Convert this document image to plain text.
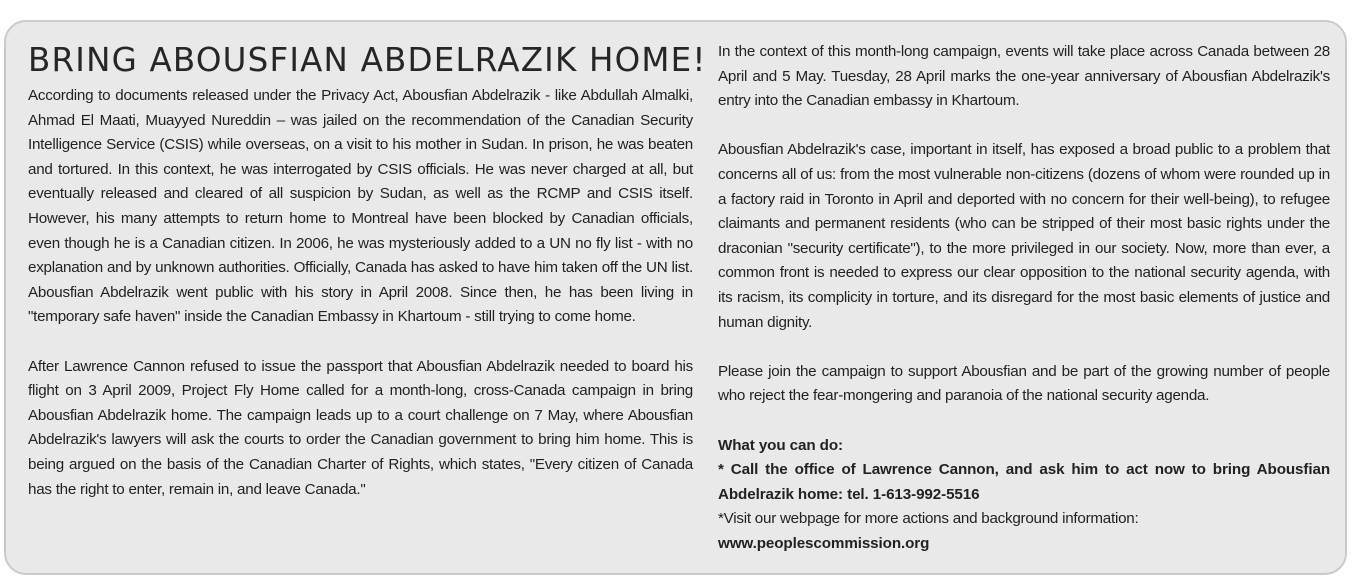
BRING ABOUSFIAN ABDELRAZIK HOME!

According to documents released under the Privacy Act, Abousfian Abdelrazik - like Abdullah Almalki, Ahmad El Maati, Muayyed Nureddin – was jailed on the recommendation of the Canadian Security Intelligence Service (CSIS) while overseas, on a visit to his mother in Sudan. In prison, he was beaten and tortured. In this context, he was interrogated by CSIS officials. He was never charged at all, but eventually released and cleared of all suspicion by Sudan, as well as the RCMP and CSIS itself. However, his many attempts to return home to Montreal have been blocked by Canadian officials, even though he is a Canadian citizen. In 2006, he was mysteriously added to a UN no fly list - with no explanation and by unknown authorities. Officially, Canada has asked to have him taken off the UN list. Abousfian Abdelrazik went public with his story in April 2008. Since then, he has been living in "temporary safe haven" inside the Canadian Embassy in Khartoum - still trying to come home.

After Lawrence Cannon refused to issue the passport that Abousfian Abdelrazik needed to board his flight on 3 April 2009, Project Fly Home called for a month-long, cross-Canada campaign in bring Abousfian Abdelrazik home. The campaign leads up to a court challenge on 7 May, where Abousfian Abdelrazik's lawyers will ask the courts to order the Canadian government to bring him home. This is being argued on the basis of the Canadian Charter of Rights, which states, "Every citizen of Canada has the right to enter, remain in, and leave Canada."

In the context of this month-long campaign, events will take place across Canada between 28 April and 5 May. Tuesday, 28 April marks the one-year anniversary of Abousfian Abdelrazik's entry into the Canadian embassy in Khartoum.

Abousfian Abdelrazik's case, important in itself, has exposed a broad public to a problem that concerns all of us: from the most vulnerable non-citizens (dozens of whom were rounded up in a factory raid in Toronto in April and deported with no concern for their well-being), to refugee claimants and permanent residents (who can be stripped of their most basic rights under the draconian "security certificate"), to the more privileged in our society. Now, more than ever, a common front is needed to express our clear opposition to the national security agenda, with its racism, its complicity in torture, and its disregard for the most basic elements of justice and human dignity.

Please join the campaign to support Abousfian and be part of the growing number of people who reject the fear-mongering and paranoia of the national security agenda.

What you can do:

* Call the office of Lawrence Cannon, and ask him to act now to bring Abousfian Abdelrazik home: tel. 1-613-992-5516

*Visit our webpage for more actions and background information:

www.peoplescommission.org
